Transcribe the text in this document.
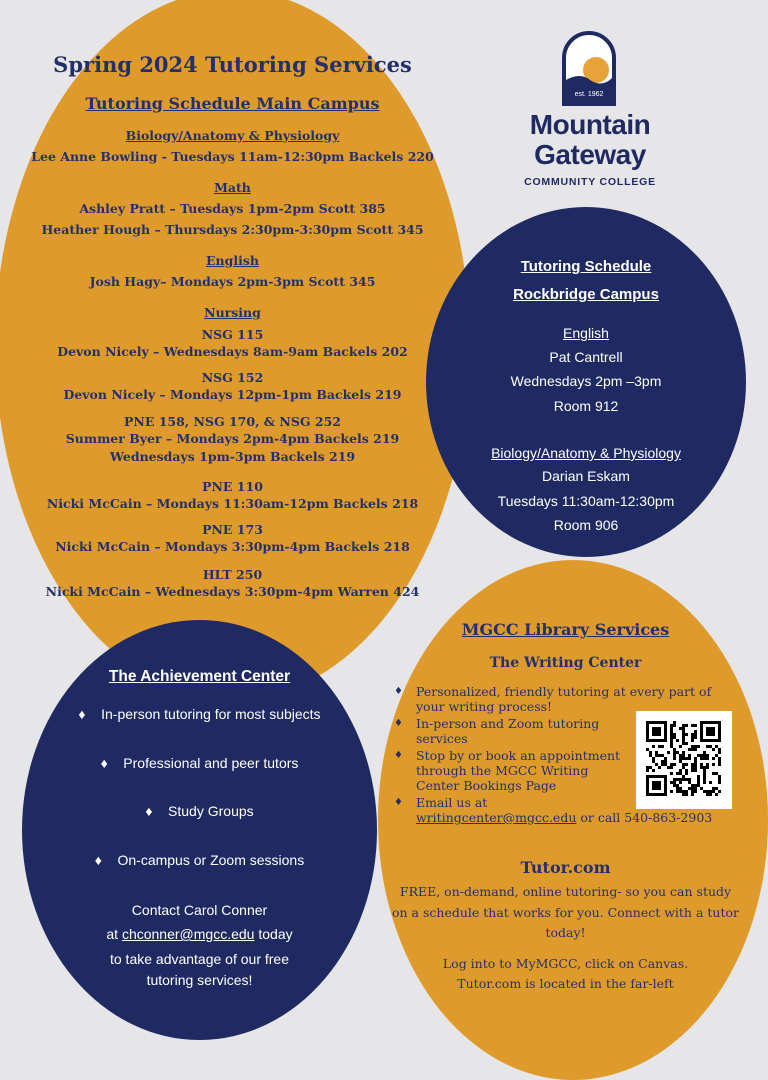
Spring 2024 Tutoring Services
Tutoring Schedule Main Campus
Biology/Anatomy & Physiology
Lee Anne Bowling - Tuesdays 11am-12:30pm Backels 220
Math
Ashley Pratt – Tuesdays 1pm-2pm Scott 385
Heather Hough – Thursdays 2:30pm-3:30pm Scott 345
English
Josh Hagy– Mondays 2pm-3pm Scott 345
Nursing
NSG 115
Devon Nicely – Wednesdays 8am-9am Backels 202
NSG 152
Devon Nicely – Mondays 12pm-1pm Backels 219
PNE 158, NSG 170, & NSG 252
Summer Byer – Mondays 2pm-4pm Backels 219
Wednesdays 1pm-3pm Backels 219
PNE 110
Nicki McCain – Mondays 11:30am-12pm Backels 218
PNE 173
Nicki McCain – Mondays 3:30pm-4pm Backels 218
HLT 250
Nicki McCain – Wednesdays 3:30pm-4pm Warren 424
est. 1962
Mountain
Gateway
COMMUNITY COLLEGE
Tutoring Schedule
Rockbridge Campus
English
Pat Cantrell
Wednesdays 2pm –3pm
Room 912
Biology/Anatomy & Physiology
Darian Eskam
Tuesdays 11:30am-12:30pm
Room 906
MGCC Library Services
The Writing Center
♦ Personalized, friendly tutoring at every part of your writing process!
♦ In-person and Zoom tutoring services
♦ Stop by or book an appointment through the MGCC Writing Center Bookings Page
♦ Email us at
writingcenter@mgcc.edu or call 540-863-2903
Tutor.com
FREE, on-demand, online tutoring- so you can study
on a schedule that works for you. Connect with a tutor
today!
Log into to MyMGCC, click on Canvas.
Tutor.com is located in the far-left
The Achievement Center
♦    In-person tutoring for most subjects
♦    Professional and peer tutors
♦    Study Groups
♦    On-campus or Zoom sessions
Contact Carol Conner
at chconner@mgcc.edu today
to take advantage of our free
tutoring services!
